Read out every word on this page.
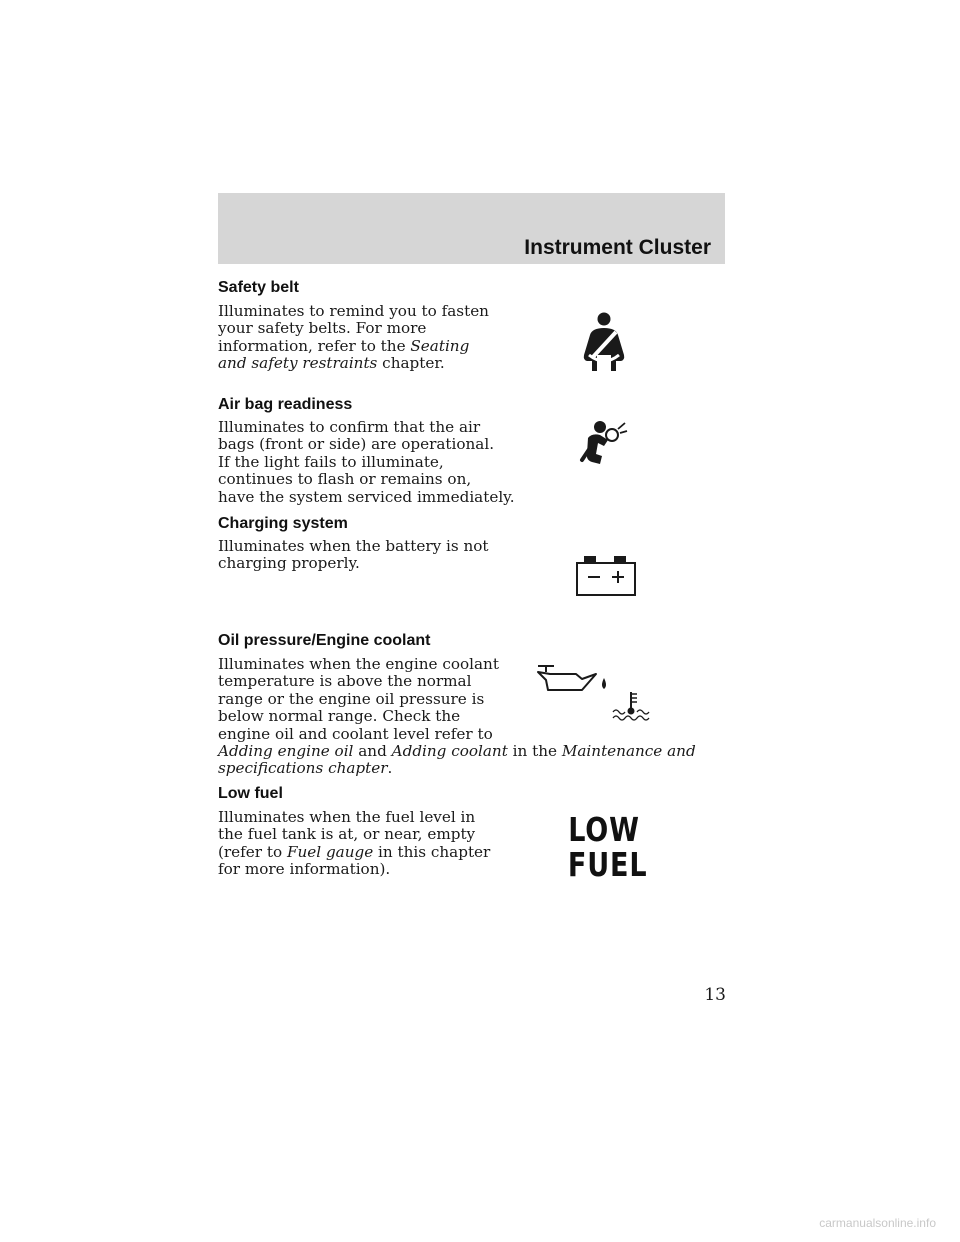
Instrument Cluster
Safety belt
Illuminates to remind you to fasten
your safety belts. For more
information, refer to the Seating
and safety restraints chapter.
Air bag readiness
Illuminates to confirm that the air
bags (front or side) are operational.
If the light fails to illuminate,
continues to flash or remains on,
have the system serviced immediately.
Charging system
Illuminates when the battery is not
charging properly.
Oil pressure/Engine coolant
Illuminates when the engine coolant
temperature is above the normal
range or the engine oil pressure is
below normal range. Check the
engine oil and coolant level refer to
Adding engine oil and Adding coolant in the Maintenance and
specifications chapter.
Low fuel
Illuminates when the fuel level in
the fuel tank is at, or near, empty
(refer to Fuel gauge in this chapter
for more information).
LOW
FUEL
13
carmanualsonline.info
